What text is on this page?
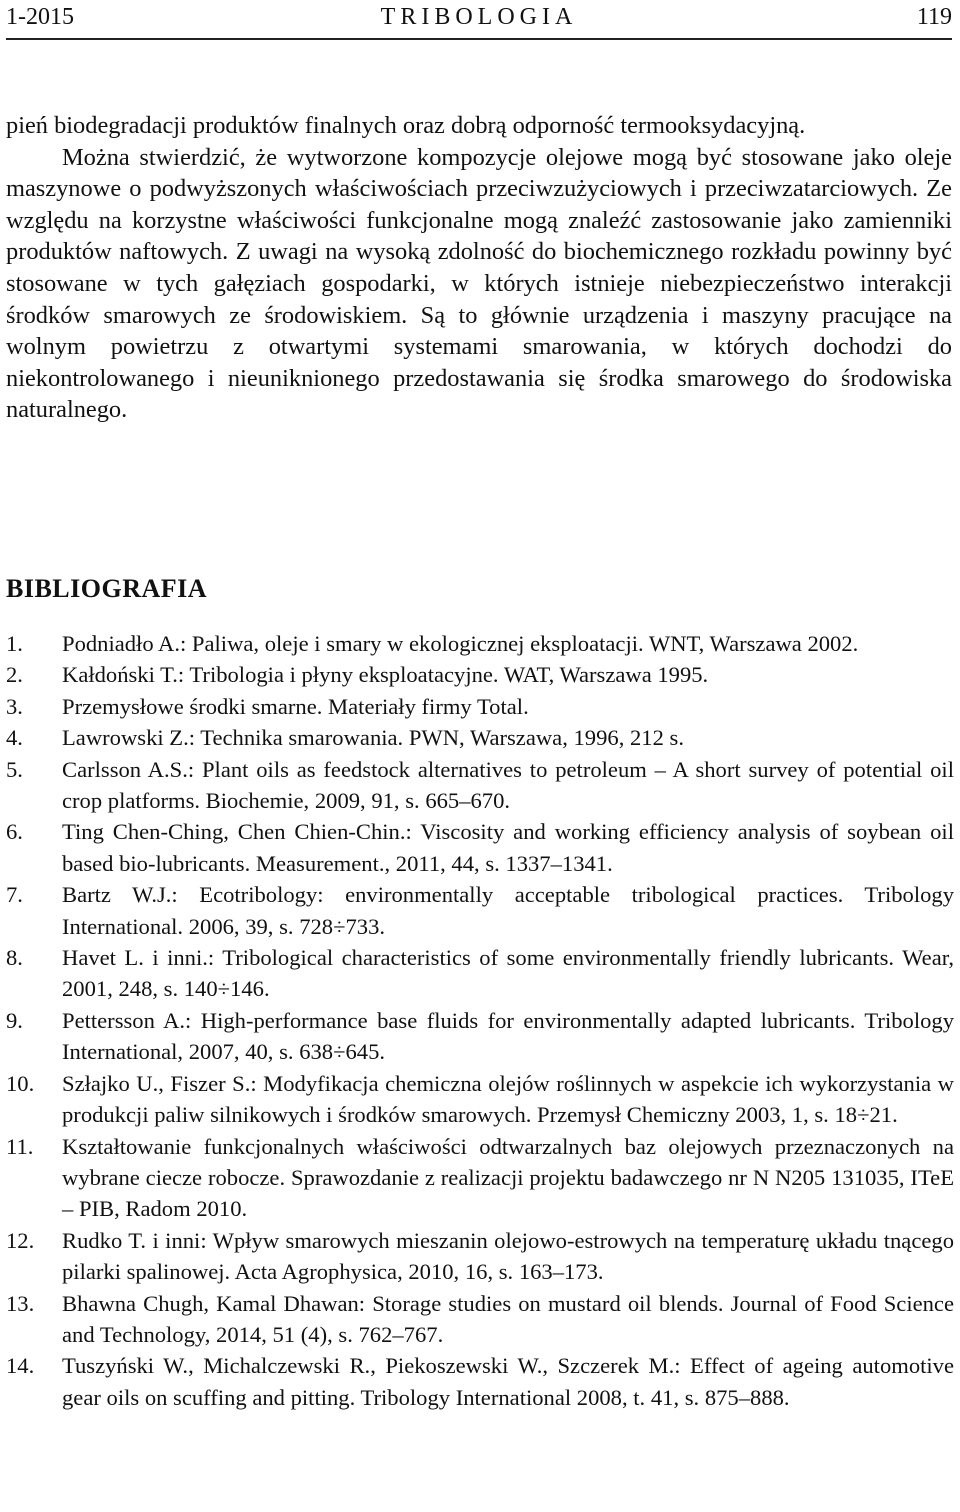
1-2015	TRIBOLOGIA	119

pień biodegradacji produktów finalnych oraz dobrą odporność termooksydacyjną.

Można stwierdzić, że wytworzone kompozycje olejowe mogą być stosowane jako oleje maszynowe o podwyższonych właściwościach przeciwzużyciowych i przeciwzatarciowych. Ze względu na korzystne właściwości funkcjonalne mogą znaleźć zastosowanie jako zamienniki produktów naftowych. Z uwagi na wysoką zdolność do biochemicznego rozkładu powinny być stosowane w tych gałęziach gospodarki, w których istnieje niebezpieczeństwo interakcji środków smarowych ze środowiskiem. Są to głównie urządzenia i maszyny pracujące na wolnym powietrzu z otwartymi systemami smarowania, w których dochodzi do niekontrolowanego i nieuniknionego przedostawania się środka smarowego do środowiska naturalnego.

BIBLIOGRAFIA
1. Podniadło A.: Paliwa, oleje i smary w ekologicznej eksploatacji. WNT, Warszawa 2002.
2. Kałdoński T.: Tribologia i płyny eksploatacyjne. WAT, Warszawa 1995.
3. Przemysłowe środki smarne. Materiały firmy Total.
4. Lawrowski Z.: Technika smarowania. PWN, Warszawa, 1996, 212 s.
5. Carlsson A.S.: Plant oils as feedstock alternatives to petroleum – A short survey of potential oil crop platforms. Biochemie, 2009, 91, s. 665–670.
6. Ting Chen-Ching, Chen Chien-Chin.: Viscosity and working efficiency analysis of soybean oil based bio-lubricants. Measurement., 2011, 44, s. 1337–1341.
7. Bartz W.J.: Ecotribology: environmentally acceptable tribological practices. Tribology International. 2006, 39, s. 728÷733.
8. Havet L. i inni.: Tribological characteristics of some environmentally friendly lubricants. Wear, 2001, 248, s. 140÷146.
9. Pettersson A.: High-performance base fluids for environmentally adapted lubricants. Tribology International, 2007, 40, s. 638÷645.
10. Szłajko U., Fiszer S.: Modyfikacja chemiczna olejów roślinnych w aspekcie ich wykorzystania w produkcji paliw silnikowych i środków smarowych. Przemysł Chemiczny 2003, 1, s. 18÷21.
11. Kształtowanie funkcjonalnych właściwości odtwarzalnych baz olejowych przeznaczonych na wybrane ciecze robocze. Sprawozdanie z realizacji projektu badawczego nr N N205 131035, ITeE – PIB, Radom 2010.
12. Rudko T. i inni: Wpływ smarowych mieszanin olejowo-estrowych na temperaturę układu tnącego pilarki spalinowej. Acta Agrophysica, 2010, 16, s. 163–173.
13. Bhawna Chugh, Kamal Dhawan: Storage studies on mustard oil blends. Journal of Food Science and Technology, 2014, 51 (4), s. 762–767.
14. Tuszyński W., Michalczewski R., Piekoszewski W., Szczerek M.: Effect of ageing automotive gear oils on scuffing and pitting. Tribology International 2008, t. 41, s. 875–888.
